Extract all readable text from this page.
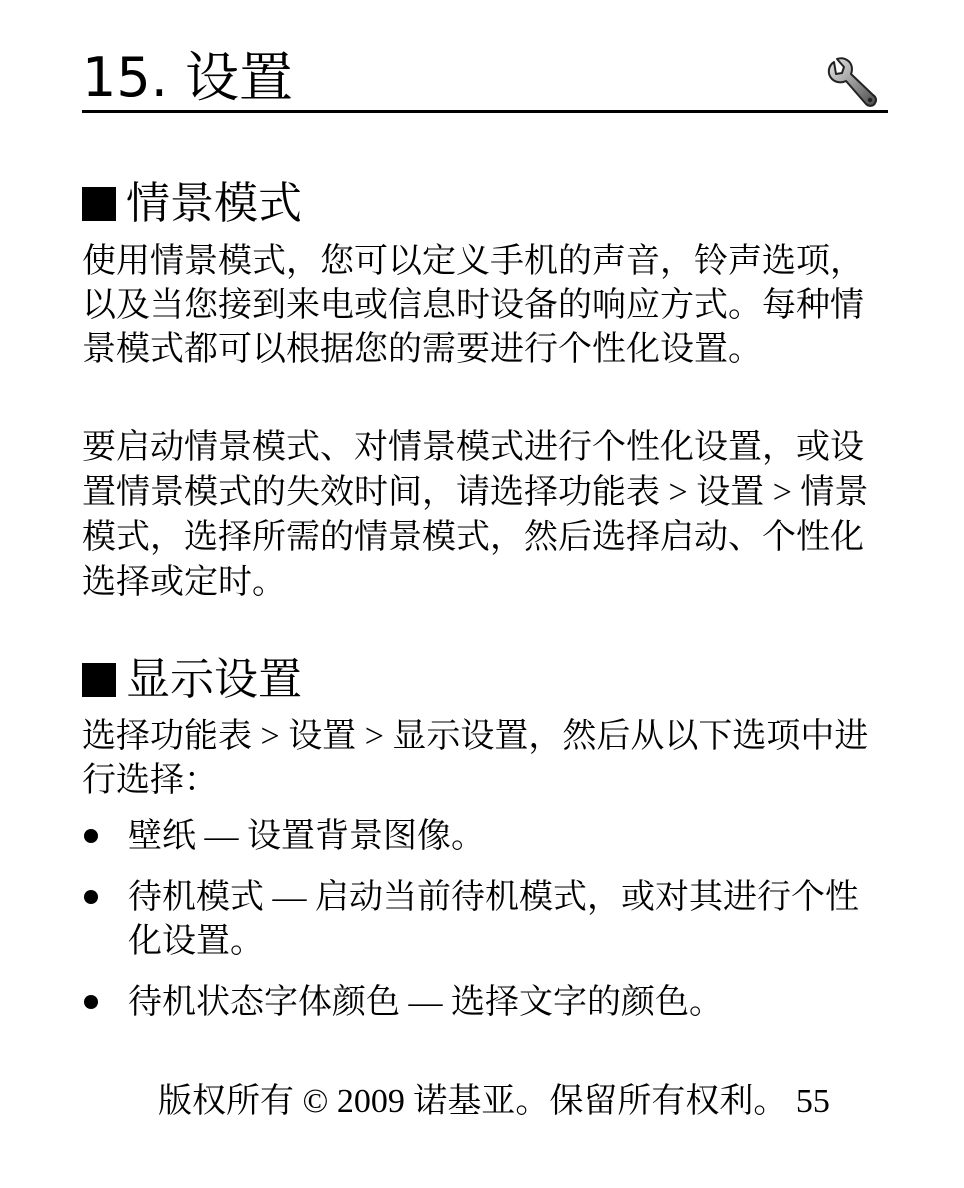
15. 设置
情景模式
使用情景模式，您可以定义手机的声音，铃声选项，以及当您接到来电或信息时设备的响应方式。每种情景模式都可以根据您的需要进行个性化设置。
要启动情景模式、对情景模式进行个性化设置，或设置情景模式的失效时间，请选择功能表 > 设置 > 情景模式，选择所需的情景模式，然后选择启动、个性化选择或定时。
显示设置
选择功能表 > 设置 > 显示设置，然后从以下选项中进行选择：
壁纸 — 设置背景图像。
待机模式 — 启动当前待机模式，或对其进行个性化设置。
待机状态字体颜色 — 选择文字的颜色。
版权所有 © 2009 诺基亚。保留所有权利。 55
